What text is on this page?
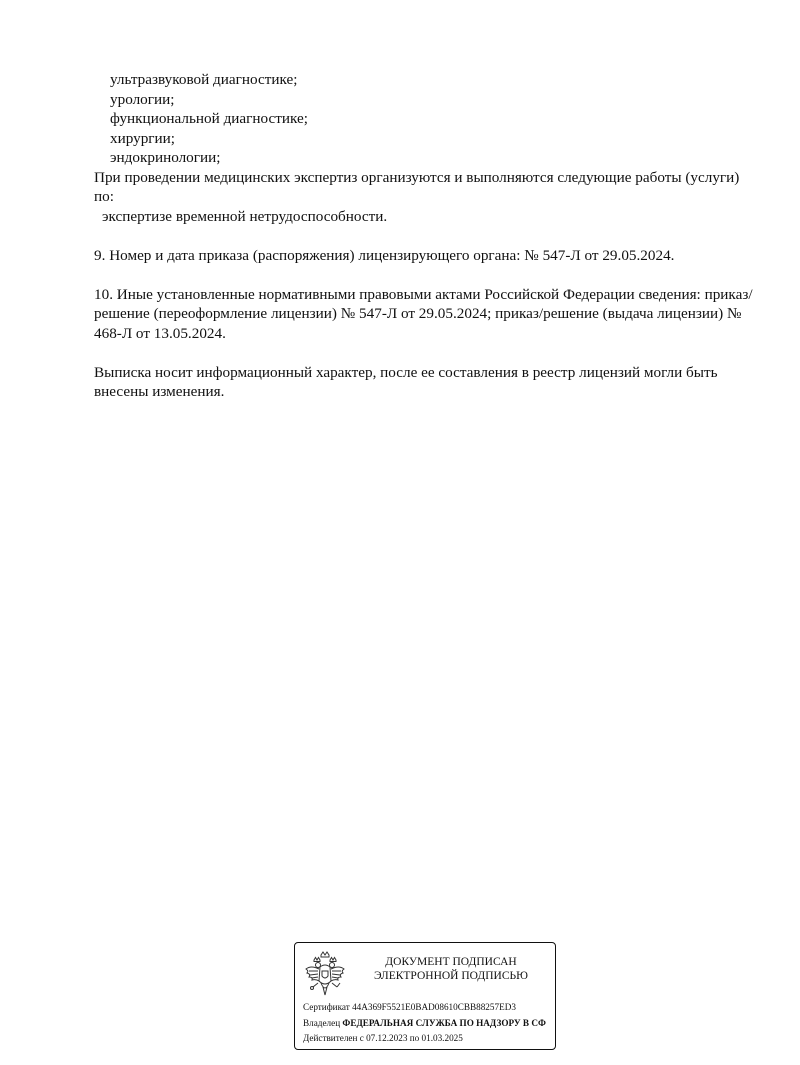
ультразвуковой диагностике;
урологии;
функциональной диагностике;
хирургии;
эндокринологии;
При проведении медицинских экспертиз организуются и выполняются следующие работы (услуги) по:
экспертизе временной нетрудоспособности.
9. Номер и дата приказа (распоряжения) лицензирующего органа: № 547-Л от 29.05.2024.
10. Иные установленные нормативными правовыми актами Российской Федерации сведения: приказ/решение (переоформление лицензии) № 547-Л от 29.05.2024; приказ/решение (выдача лицензии) № 468-Л от 13.05.2024.
Выписка носит информационный характер, после ее составления в реестр лицензий могли быть внесены изменения.
ДОКУМЕНТ ПОДПИСАН
ЭЛЕКТРОННОЙ ПОДПИСЬЮ
Сертификат 44A369F5521E0BAD08610CBB88257ED3
Владелец ФЕДЕРАЛЬНАЯ СЛУЖБА ПО НАДЗОРУ В СФ
Действителен с 07.12.2023 по 01.03.2025
